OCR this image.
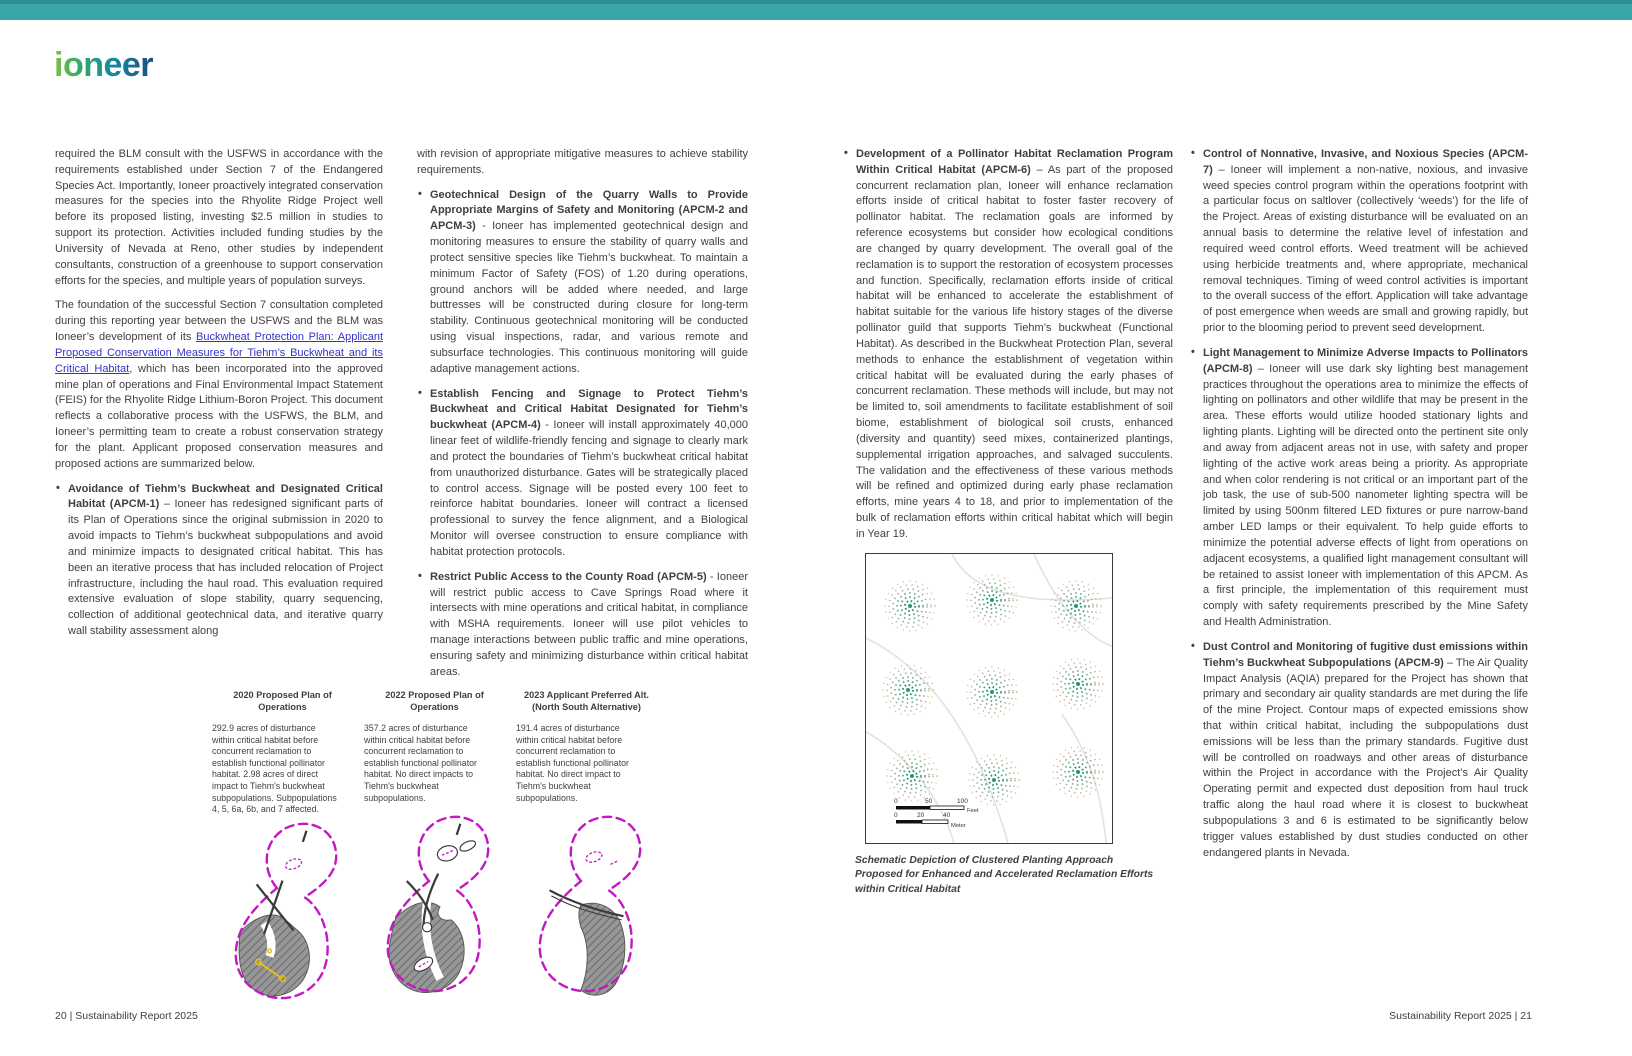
ioneer

required the BLM consult with the USFWS in accordance with the requirements established under Section 7 of the Endangered Species Act. Importantly, Ioneer proactively integrated conservation measures for the species into the Rhyolite Ridge Project well before its proposed listing, investing $2.5 million in studies to support its protection. Activities included funding studies by the University of Nevada at Reno, other studies by independent consultants, construction of a greenhouse to support conservation efforts for the species, and multiple years of population surveys.

The foundation of the successful Section 7 consultation completed during this reporting year between the USFWS and the BLM was Ioneer’s development of its Buckwheat Protection Plan: Applicant Proposed Conservation Measures for Tiehm’s Buckwheat and its Critical Habitat, which has been incorporated into the approved mine plan of operations and Final Environmental Impact Statement (FEIS) for the Rhyolite Ridge Lithium-Boron Project. This document reflects a collaborative process with the USFWS, the BLM, and Ioneer’s permitting team to create a robust conservation strategy for the plant. Applicant proposed conservation measures and proposed actions are summarized below.

• Avoidance of Tiehm’s Buckwheat and Designated Critical Habitat (APCM-1) – Ioneer has redesigned significant parts of its Plan of Operations since the original submission in 2020 to avoid impacts to Tiehm’s buckwheat subpopulations and avoid and minimize impacts to designated critical habitat. This has been an iterative process that has included relocation of Project infrastructure, including the haul road. This evaluation required extensive evaluation of slope stability, quarry sequencing, collection of additional geotechnical data, and iterative quarry wall stability assessment along

with revision of appropriate mitigative measures to achieve stability requirements.

• Geotechnical Design of the Quarry Walls to Provide Appropriate Margins of Safety and Monitoring (APCM-2 and APCM-3) - Ioneer has implemented geotechnical design and monitoring measures to ensure the stability of quarry walls and protect sensitive species like Tiehm’s buckwheat. To maintain a minimum Factor of Safety (FOS) of 1.20 during operations, ground anchors will be added where needed, and large buttresses will be constructed during closure for long-term stability. Continuous geotechnical monitoring will be conducted using visual inspections, radar, and various remote and subsurface technologies. This continuous monitoring will guide adaptive management actions.
• Establish Fencing and Signage to Protect Tiehm’s Buckwheat and Critical Habitat Designated for Tiehm’s buckwheat (APCM-4) - Ioneer will install approximately 40,000 linear feet of wildlife-friendly fencing and signage to clearly mark and protect the boundaries of Tiehm’s buckwheat critical habitat from unauthorized disturbance. Gates will be strategically placed to control access. Signage will be posted every 100 feet to reinforce habitat boundaries. Ioneer will contract a licensed professional to survey the fence alignment, and a Biological Monitor will oversee construction to ensure compliance with habitat protection protocols.
• Restrict Public Access to the County Road (APCM-5) - Ioneer will restrict public access to Cave Springs Road where it intersects with mine operations and critical habitat, in compliance with MSHA requirements. Ioneer will use pilot vehicles to manage interactions between public traffic and mine operations, ensuring safety and minimizing disturbance within critical habitat areas.
• Development of a Pollinator Habitat Reclamation Program Within Critical Habitat (APCM-6) – As part of the proposed concurrent reclamation plan, Ioneer will enhance reclamation efforts inside of critical habitat to foster faster recovery of pollinator habitat. The reclamation goals are informed by reference ecosystems but consider how ecological conditions are changed by quarry development. The overall goal of the reclamation is to support the restoration of ecosystem processes and function. Specifically, reclamation efforts inside of critical habitat will be enhanced to accelerate the establishment of habitat suitable for the various life history stages of the diverse pollinator guild that supports Tiehm’s buckwheat (Functional Habitat). As described in the Buckwheat Protection Plan, several methods to enhance the establishment of vegetation within critical habitat will be evaluated during the early phases of concurrent reclamation. These methods will include, but may not be limited to, soil amendments to facilitate establishment of soil biome, establishment of biological soil crusts, enhanced (diversity and quantity) seed mixes, containerized plantings, supplemental irrigation approaches, and salvaged succulents. The validation and the effectiveness of these various methods will be refined and optimized during early phase reclamation efforts, mine years 4 to 18, and prior to implementation of the bulk of reclamation efforts within critical habitat which will begin in Year 19.
0	50	100
Feet
0	20	40
Meter
Schematic Depiction of Clustered Planting Approach Proposed for Enhanced and Accelerated Reclamation Efforts within Critical Habitat
• Control of Nonnative, Invasive, and Noxious Species (APCM-7) – Ioneer will implement a non-native, noxious, and invasive weed species control program within the operations footprint with a particular focus on saltlover (collectively ‘weeds’) for the life of the Project. Areas of existing disturbance will be evaluated on an annual basis to determine the relative level of infestation and required weed control efforts. Weed treatment will be achieved using herbicide treatments and, where appropriate, mechanical removal techniques. Timing of weed control activities is important to the overall success of the effort. Application will take advantage of post emergence when weeds are small and growing rapidly, but prior to the blooming period to prevent seed development.
• Light Management to Minimize Adverse Impacts to Pollinators (APCM-8) – Ioneer will use dark sky lighting best management practices throughout the operations area to minimize the effects of lighting on pollinators and other wildlife that may be present in the area. These efforts would utilize hooded stationary lights and lighting plants. Lighting will be directed onto the pertinent site only and away from adjacent areas not in use, with safety and proper lighting of the active work areas being a priority. As appropriate and when color rendering is not critical or an important part of the job task, the use of sub-500 nanometer lighting spectra will be limited by using 500nm filtered LED fixtures or pure narrow-band amber LED lamps or their equivalent. To help guide efforts to minimize the potential adverse effects of light from operations on adjacent ecosystems, a qualified light management consultant will be retained to assist Ioneer with implementation of this APCM. As a first principle, the implementation of this requirement must comply with safety requirements prescribed by the Mine Safety and Health Administration.
• Dust Control and Monitoring of fugitive dust emissions within Tiehm’s Buckwheat Subpopulations (APCM-9) – The Air Quality Impact Analysis (AQIA) prepared for the Project has shown that primary and secondary air quality standards are met during the life of the mine Project. Contour maps of expected emissions show that within critical habitat, including the subpopulations dust emissions will be less than the primary standards. Fugitive dust will be controlled on roadways and other areas of disturbance within the Project in accordance with the Project’s Air Quality Operating permit and expected dust deposition from haul truck traffic along the haul road where it is closest to buckwheat subpopulations 3 and 6 is estimated to be significantly below trigger values established by dust studies conducted on other endangered plants in Nevada.
2020 Proposed Plan of Operations
292.9 acres of disturbance within critical habitat before concurrent reclamation to establish functional pollinator habitat. 2.98 acres of direct impact to Tiehm's buckwheat subpopulations. Subpopulations 4, 5, 6a, 6b, and 7 affected.
2022 Proposed Plan of Operations
357.2 acres of disturbance within critical habitat before concurrent reclamation to establish functional pollinator habitat. No direct impacts to Tiehm's buckwheat subpopulations.
2023 Applicant Preferred Alt. (North South Alternative)
191.4 acres of disturbance within critical habitat before concurrent reclamation to establish functional pollinator habitat. No direct impact to Tiehm's buckwheat subpopulations.
20 | Sustainability Report 2025	Sustainability Report 2025 | 21
